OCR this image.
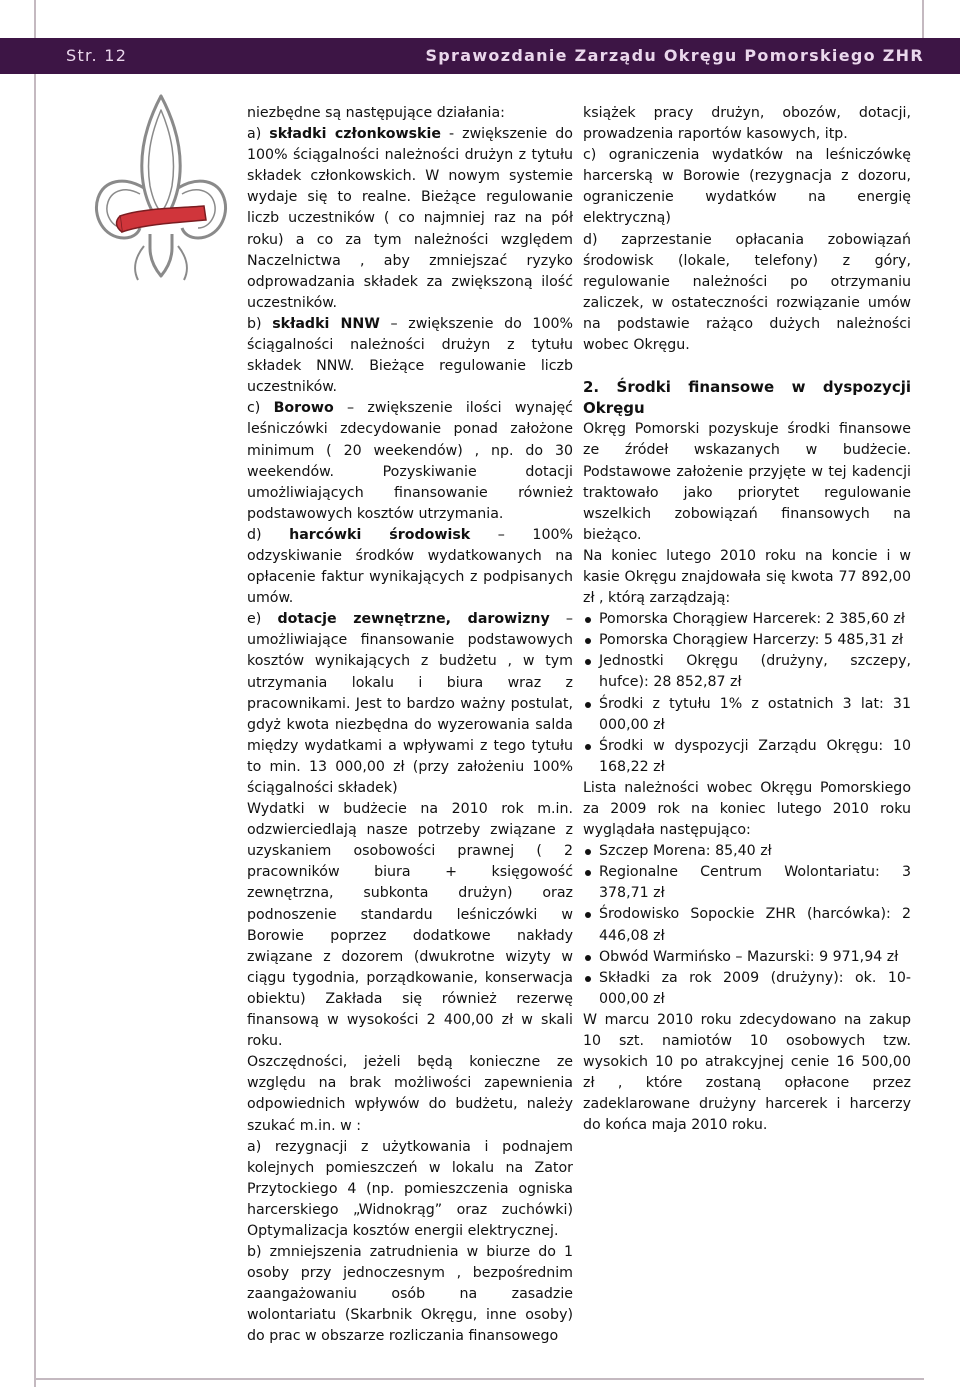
Str. 12	Sprawozdanie Zarządu Okręgu Pomorskiego ZHR

niezbędne są następujące działania:

a) składki członkowskie - zwiększenie do 100% ściągalności należności drużyn z tytułu składek członkowskich. W nowym systemie wydaje się to realne. Bieżące regulowanie liczb uczestników ( co najmniej raz na pół roku) a co za tym należności względem Naczelnictwa , aby zmniejszać ryzyko odprowadzania składek za zwiększoną ilość uczestników.

b) składki NNW – zwiększenie do 100% ściągalności należności drużyn z tytułu składek NNW. Bieżące regulowanie liczb uczestników.

c) Borowo – zwiększenie ilości wynajęć leśniczówki zdecydowanie ponad założone minimum ( 20 weekendów) , np. do 30 weekendów. Pozyskiwanie dotacji umożliwiających finansowanie również podstawowych kosztów utrzymania.

d) harcówki środowisk – 100% odzyskiwanie środków wydatkowanych na opłacenie faktur wynikających z podpisanych umów.

e) dotacje zewnętrzne, darowizny – umożliwiające finansowanie podstawowych kosztów wynikających z budżetu , w tym utrzymania lokalu i biura wraz z pracownikami. Jest to bardzo ważny postulat, gdyż kwota niezbędna do wyzerowania salda między wydatkami a wpływami z tego tytułu to min. 13 000,00 zł (przy założeniu 100% ściągalności składek)

Wydatki w budżecie na 2010 rok m.in. odzwierciedlają nasze potrzeby związane z uzyskaniem osobowości prawnej ( 2 pracowników biura + księgowość zewnętrzna, subkonta drużyn) oraz podnoszenie standardu leśniczówki w Borowie poprzez dodatkowe nakłady związane z dozorem (dwukrotne wizyty w ciągu tygodnia, porządkowanie, konserwacja obiektu) Zakłada się również rezerwę finansową w wysokości 2 400,00 zł w skali roku.

Oszczędności, jeżeli będą konieczne ze względu na brak możliwości zapewnienia odpowiednich wpływów do budżetu, należy szukać m.in. w :

a) rezygnacji z użytkowania i podnajem kolejnych pomieszczeń w lokalu na Zator Przytockiego 4 (np. pomieszczenia ogniska harcerskiego „Widnokrąg” oraz zuchówki) Optymalizacja kosztów energii elektrycznej.

b) zmniejszenia zatrudnienia w biurze do 1 osoby przy jednoczesnym , bezpośrednim zaangażowaniu osób na zasadzie wolontariatu (Skarbnik Okręgu, inne osoby) do prac w obszarze rozliczania finansowego

książek pracy drużyn, obozów, dotacji, prowadzenia raportów kasowych, itp.

c) ograniczenia wydatków na leśniczówkę harcerską w Borowie (rezygnacja z dozoru, ograniczenie wydatków na energię elektryczną)

d) zaprzestanie opłacania zobowiązań środowisk (lokale, telefony) z góry, regulowanie należności po otrzymaniu zaliczek, w ostateczności rozwiązanie umów na podstawie rażąco dużych należności wobec Okręgu.

2. Środki finansowe w dyspozycji Okręgu

Okręg Pomorski pozyskuje środki finansowe ze źródeł wskazanych w budżecie. Podstawowe założenie przyjęte w tej kadencji traktowało jako priorytet regulowanie wszelkich zobowiązań finansowych na bieżąco.

Na koniec lutego 2010 roku na koncie i w kasie Okręgu znajdowała się kwota 77 892,00 zł , którą zarządzają:

Pomorska Chorągiew Harcerek: 2 385,60 zł
Pomorska Chorągiew Harcerzy: 5 485,31 zł
Jednostki Okręgu (drużyny, szczepy, hufce): 28 852,87 zł
Środki z tytułu 1% z ostatnich 3 lat: 31 000,00 zł
Środki w dyspozycji Zarządu Okręgu: 10 168,22 zł

Lista należności wobec Okręgu Pomorskiego za 2009 rok na koniec lutego 2010 roku wyglądała następująco:

Szczep Morena: 85,40 zł
Regionalne Centrum Wolontariatu: 3 378,71 zł
Środowisko Sopockie ZHR (harcówka): 2 446,08 zł
Obwód Warmińsko – Mazurski: 9 971,94 zł
Składki za rok 2009 (drużyny): ok. 10-000,00 zł

W marcu 2010 roku zdecydowano na zakup 10 szt. namiotów 10 osobowych tzw. wysokich 10 po atrakcyjnej cenie 16 500,00 zł , które zostaną opłacone przez zadeklarowane drużyny harcerek i harcerzy do końca maja 2010 roku.
